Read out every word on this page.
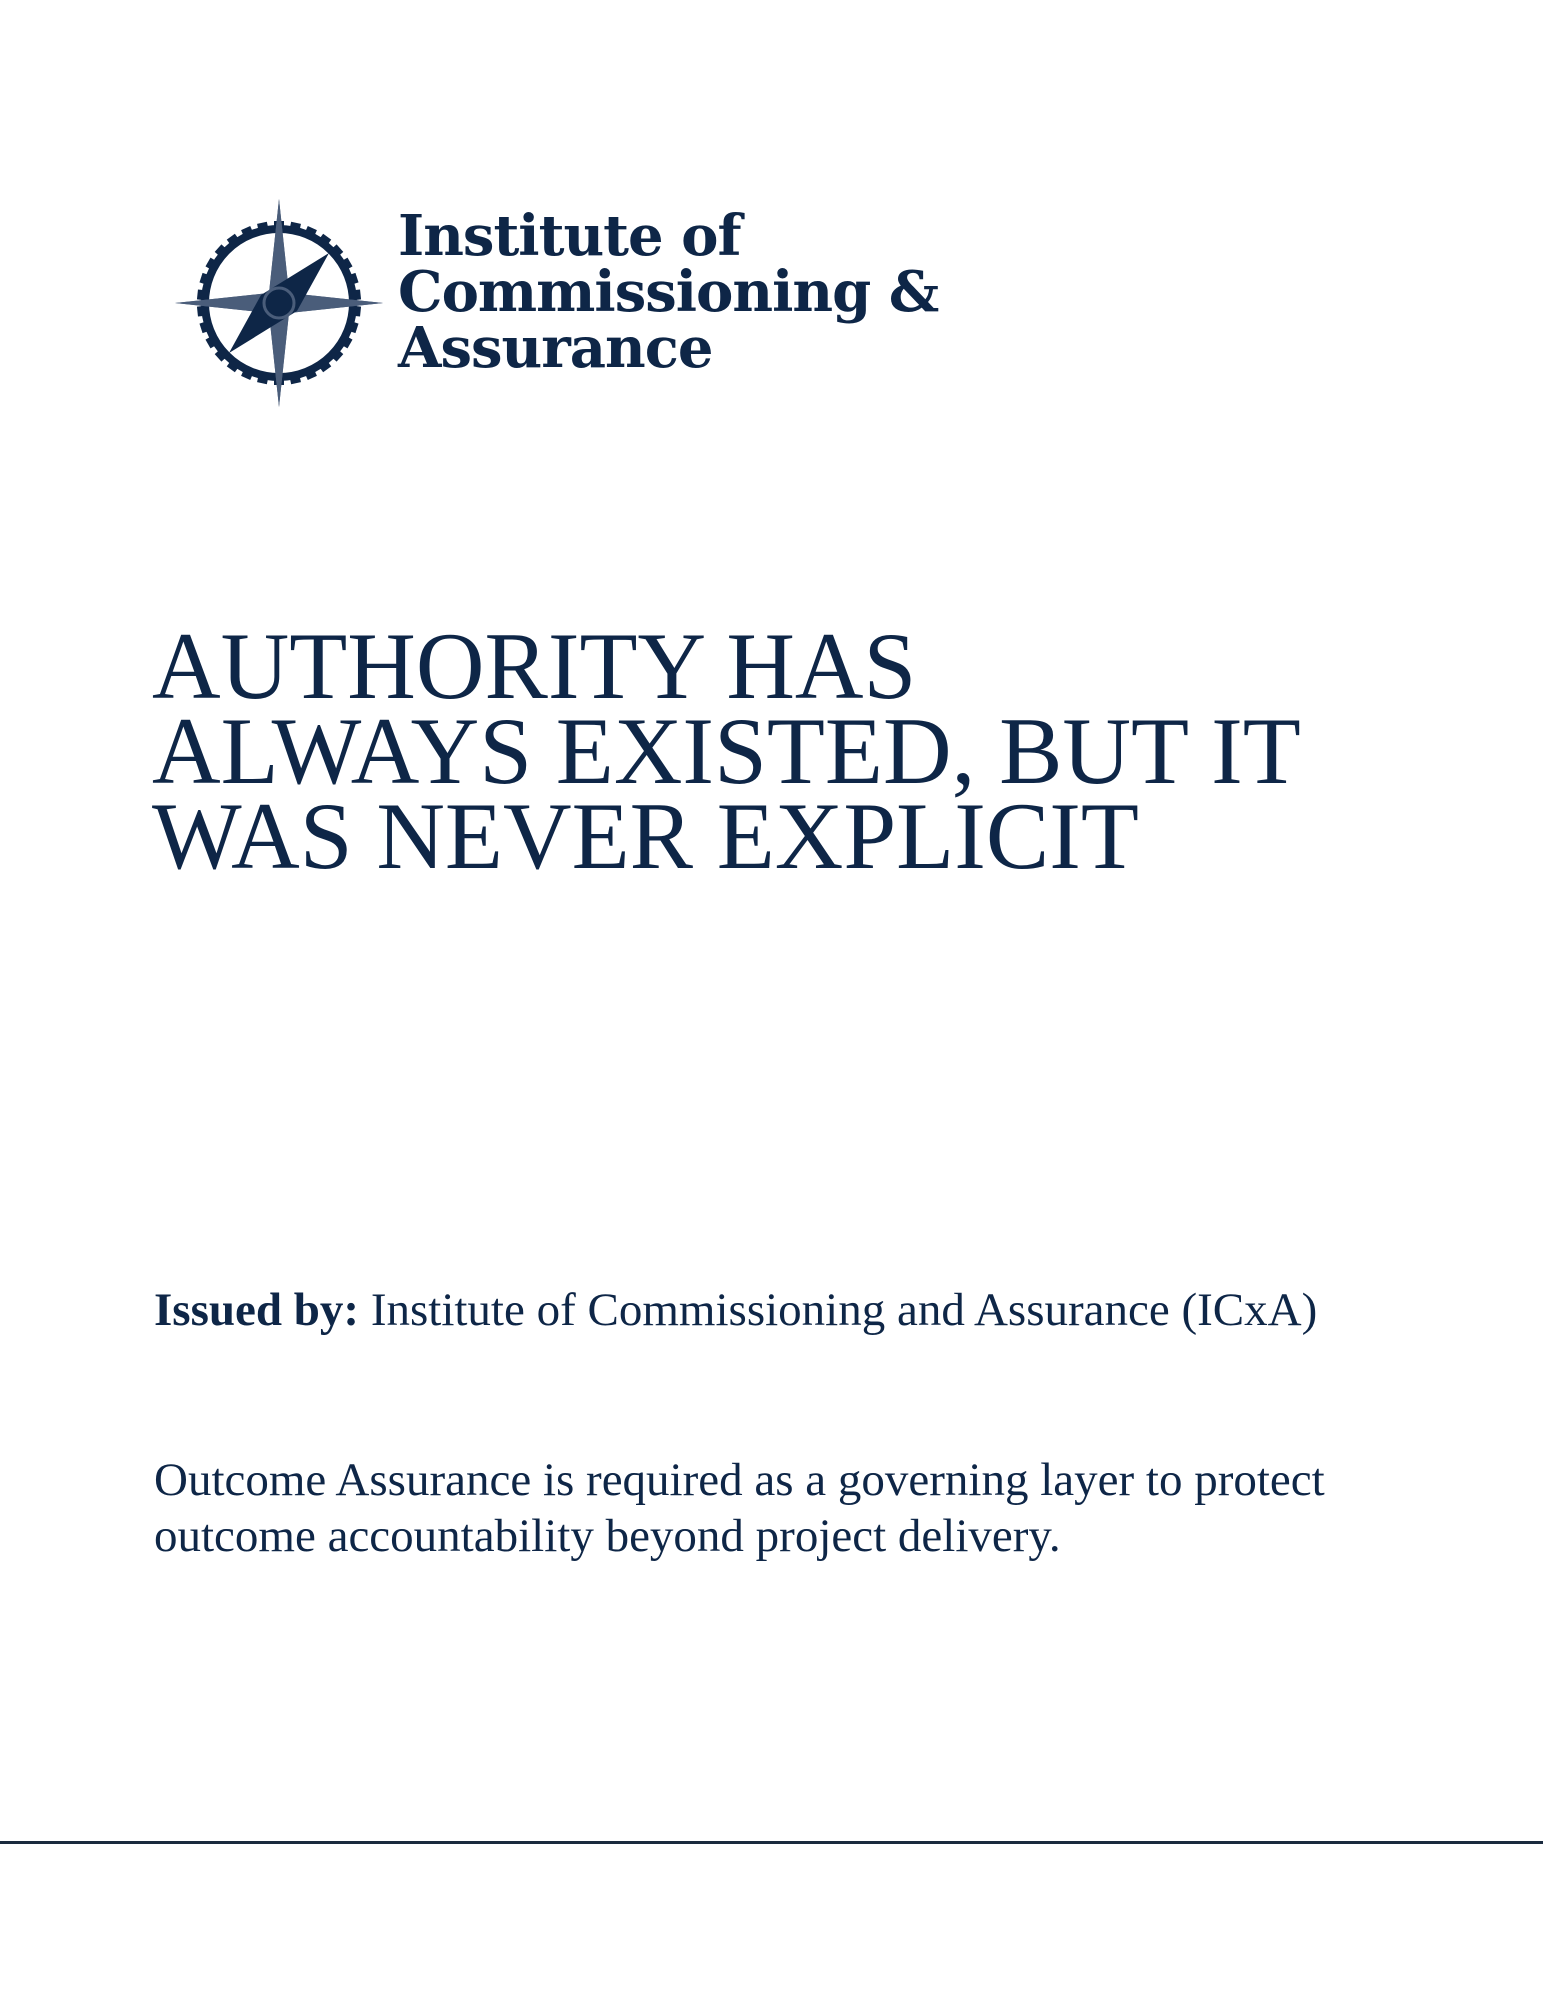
Institute of
Commissioning &
Assurance
AUTHORITY HAS
ALWAYS EXISTED, BUT IT
WAS NEVER EXPLICIT

Issued by: Institute of Commissioning and Assurance (ICxA)

Outcome Assurance is required as a governing layer to protect outcome accountability beyond project delivery.
